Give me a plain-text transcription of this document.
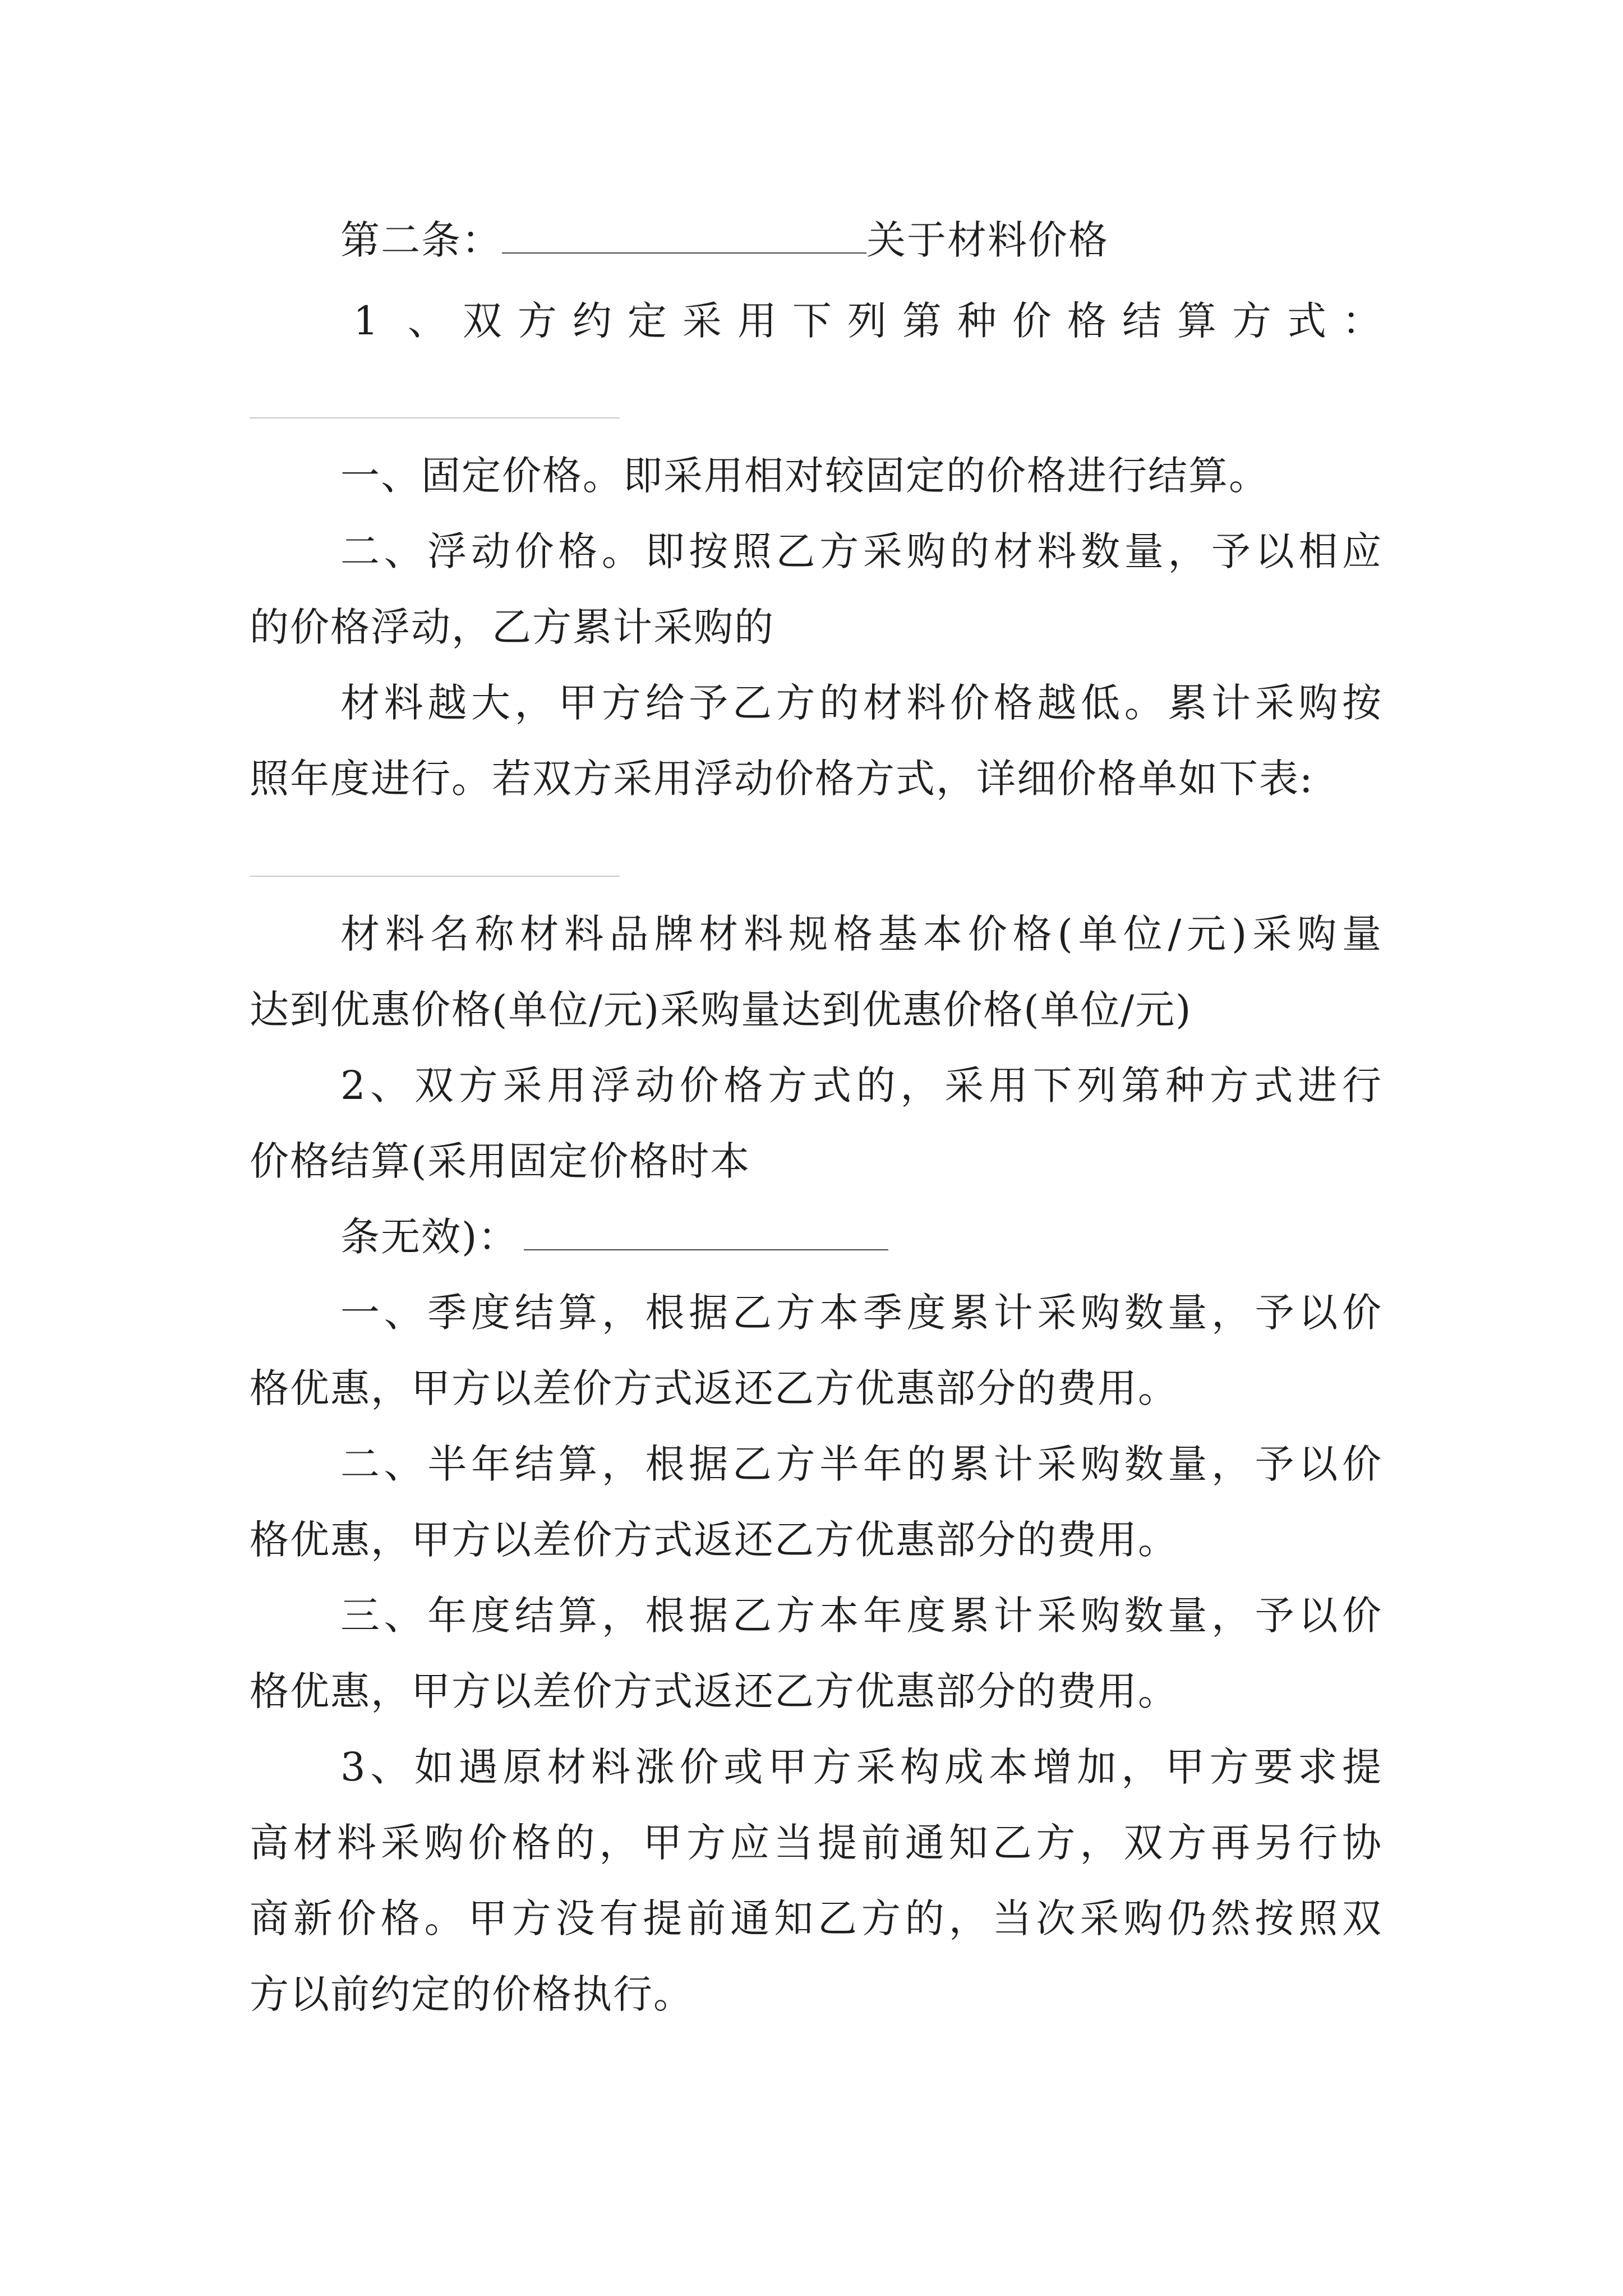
第二条：	关于材料价格
1 、双方约定采用下列第种价格结算方式：
一、固定价格。即采用相对较固定的价格进行结算。
二、浮动价格。即按照乙方采购的材料数量，予以相应
的价格浮动，乙方累计采购的
材料越大，甲方给予乙方的材料价格越低。累计采购按
照年度进行。若双方采用浮动价格方式，详细价格单如下表:
材料名称材料品牌材料规格基本价格(单位/元)采购量
达到优惠价格(单位/元)采购量达到优惠价格(单位/元)
2、双方采用浮动价格方式的，采用下列第种方式进行
价格结算(采用固定价格时本
条无效)：
一、季度结算，根据乙方本季度累计采购数量，予以价
格优惠，甲方以差价方式返还乙方优惠部分的费用。
二、半年结算，根据乙方半年的累计采购数量，予以价
格优惠，甲方以差价方式返还乙方优惠部分的费用。
三、年度结算，根据乙方本年度累计采购数量，予以价
格优惠，甲方以差价方式返还乙方优惠部分的费用。
3、如遇原材料涨价或甲方采构成本增加，甲方要求提
高材料采购价格的，甲方应当提前通知乙方，双方再另行协
商新价格。甲方没有提前通知乙方的，当次采购仍然按照双
方以前约定的价格执行。
